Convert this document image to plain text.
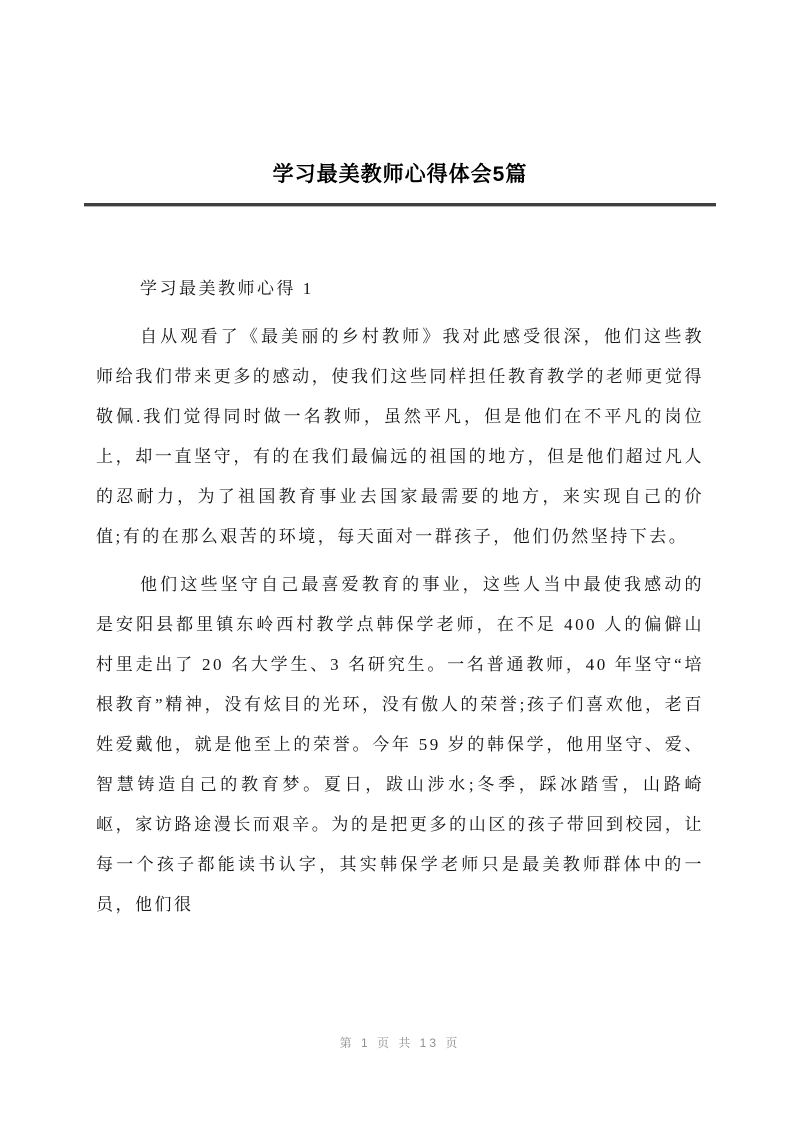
学习最美教师心得体会5篇

学习最美教师心得 1

自从观看了《最美丽的乡村教师》我对此感受很深，他们这些教师给我们带来更多的感动，使我们这些同样担任教育教学的老师更觉得敬佩.我们觉得同时做一名教师，虽然平凡，但是他们在不平凡的岗位上，却一直坚守，有的在我们最偏远的祖国的地方，但是他们超过凡人的忍耐力，为了祖国教育事业去国家最需要的地方，来实现自己的价值;有的在那么艰苦的环境，每天面对一群孩子，他们仍然坚持下去。

他们这些坚守自己最喜爱教育的事业，这些人当中最使我感动的是安阳县都里镇东岭西村教学点韩保学老师，在不足 400 人的偏僻山村里走出了 20 名大学生、3 名研究生。一名普通教师，40 年坚守“培根教育”精神，没有炫目的光环，没有傲人的荣誉;孩子们喜欢他，老百姓爱戴他，就是他至上的荣誉。今年 59 岁的韩保学，他用坚守、爱、智慧铸造自己的教育梦。夏日，跋山涉水;冬季，踩冰踏雪，山路崎岖，家访路途漫长而艰辛。为的是把更多的山区的孩子带回到校园，让每一个孩子都能读书认字，其实韩保学老师只是最美教师群体中的一员，他们很

第 1 页 共 13 页
